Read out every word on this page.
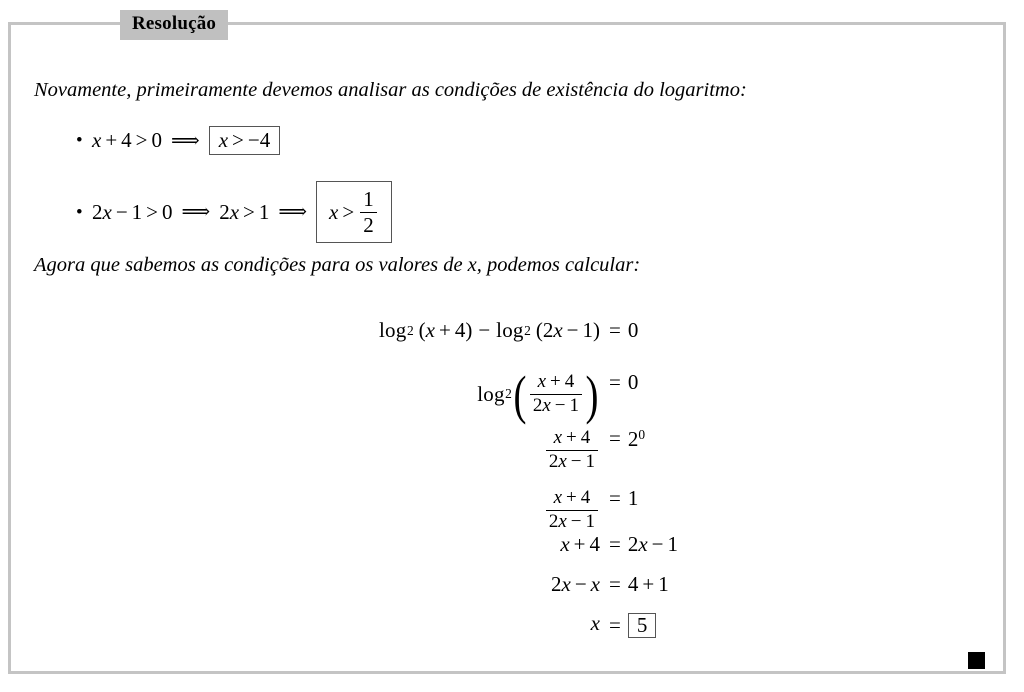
Resolução
Novamente, primeiramente devemos analisar as condições de existência do logaritmo:
• x + 4 > 0 ⟹ x > −4
• 2 x − 1 > 0 ⟹ 2 x > 1 ⟹	$x > \frac{1}{2}$
Agora que sabemos as condições para os valores de x, podemos calcular:
log 2 ( x + 4 ) − log 2 ( 2 x − 1 ) = 0
log 2 ( $\frac{x + 4}{2x - 1}$ ) = 0
$\frac{x + 4}{2x - 1} = 2^0$
$\frac{x + 4}{2x - 1} = 1$
x + 4 = 2 x − 1
2 x − x = 4 + 1
x = 5
